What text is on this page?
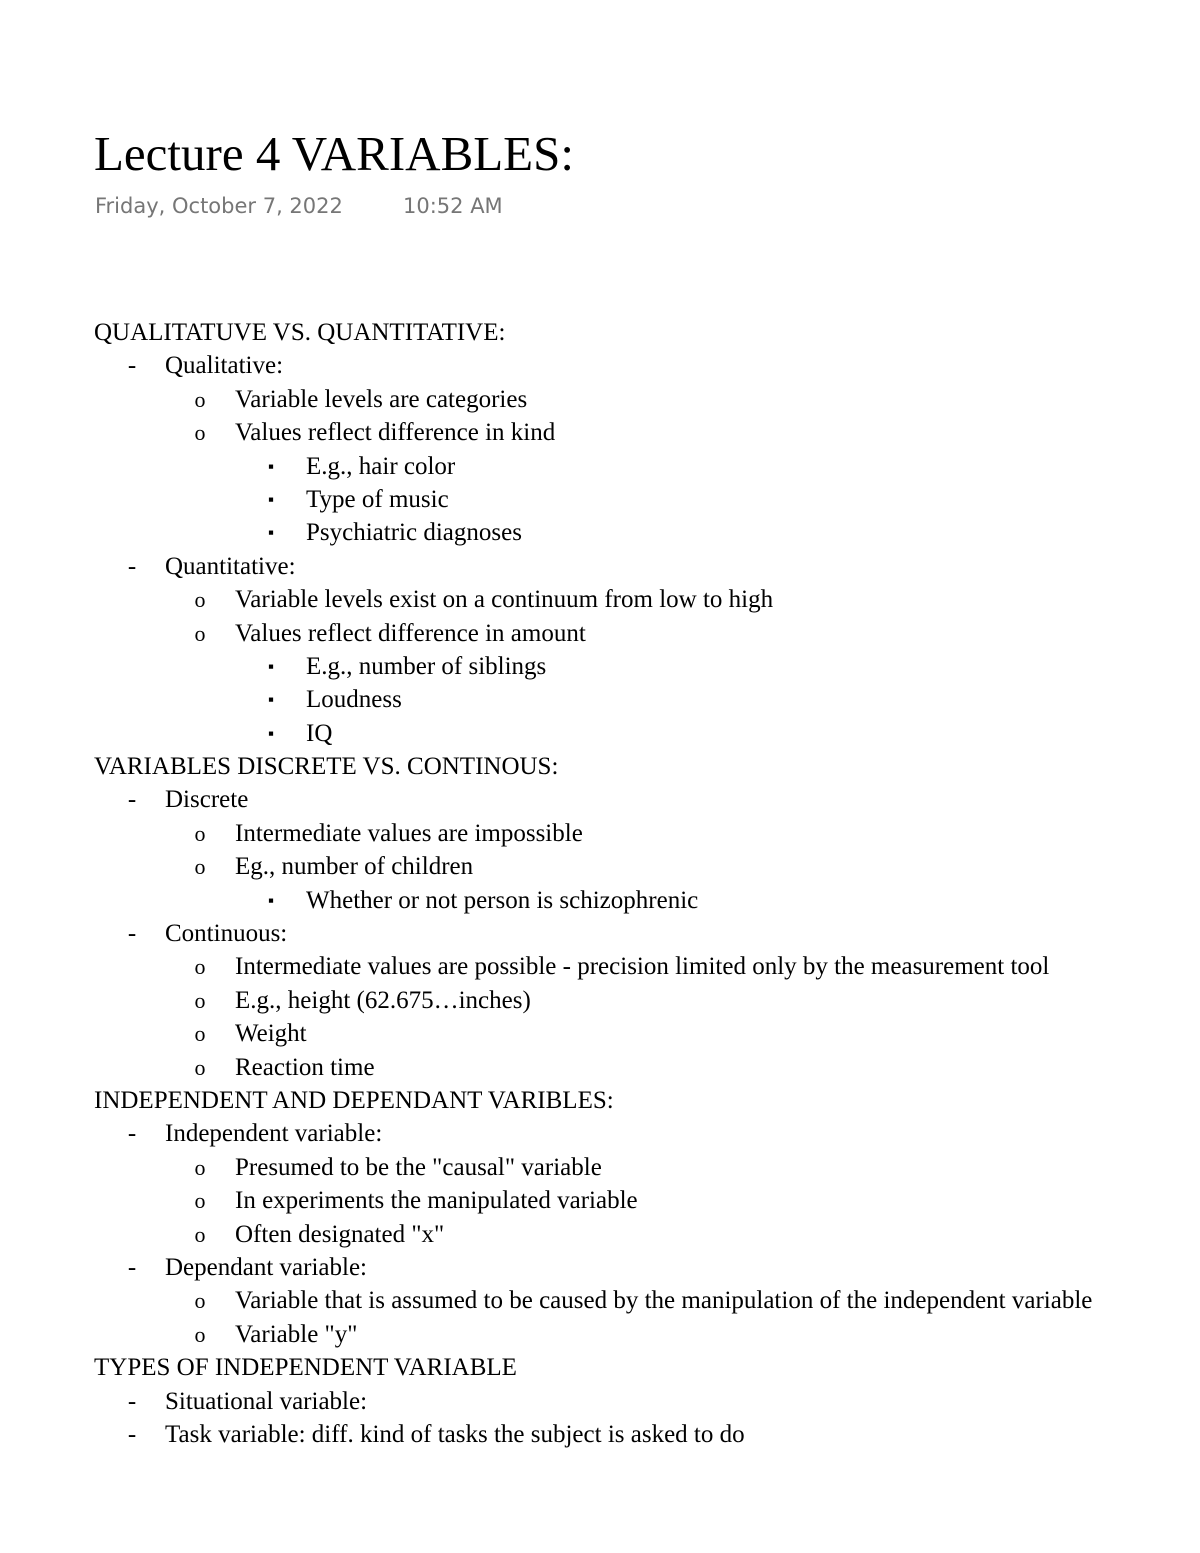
Lecture 4 VARIABLES:
Friday, October 7, 2022	10:52 AM
QUALITATUVE VS. QUANTITATIVE:
- Qualitative:
o Variable levels are categories
o Values reflect difference in kind
▪ E.g., hair color
▪ Type of music
▪ Psychiatric diagnoses
- Quantitative:
o Variable levels exist on a continuum from low to high
o Values reflect difference in amount
▪ E.g., number of siblings
▪ Loudness
▪ IQ
VARIABLES DISCRETE VS. CONTINOUS:
- Discrete
o Intermediate values are impossible
o Eg., number of children
▪ Whether or not person is schizophrenic
- Continuous:
o Intermediate values are possible - precision limited only by the measurement tool
o E.g., height (62.675…inches)
o Weight
o Reaction time
INDEPENDENT AND DEPENDANT VARIBLES:
- Independent variable:
o Presumed to be the "causal" variable
o In experiments the manipulated variable
o Often designated "x"
- Dependant variable:
o Variable that is assumed to be caused by the manipulation of the independent variable
o Variable "y"
TYPES OF INDEPENDENT VARIABLE
- Situational variable:
- Task variable: diff. kind of tasks the subject is asked to do
